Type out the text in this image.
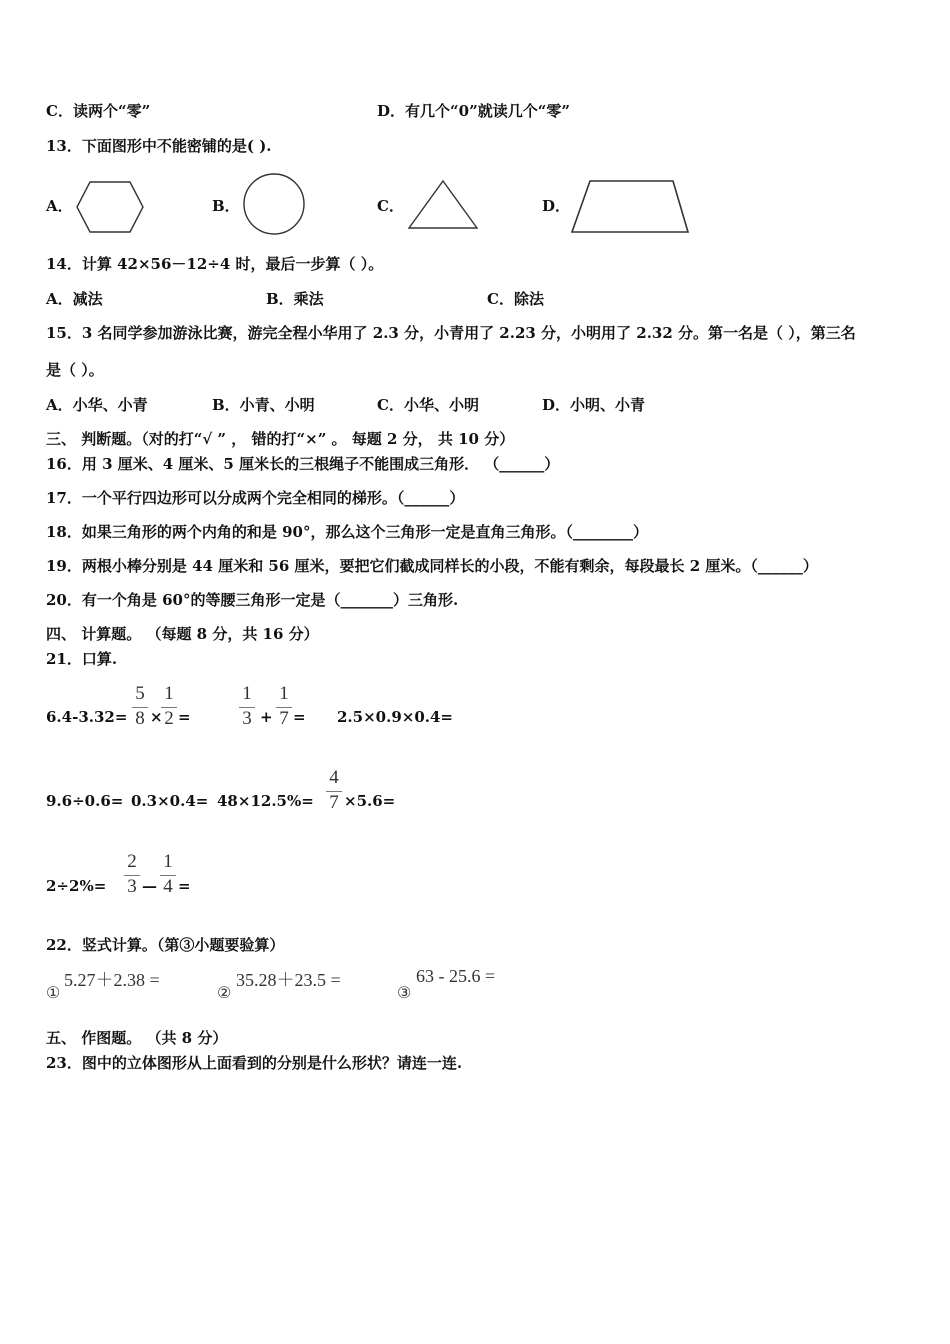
C．读两个“零”	D．有几个“0”就读几个“零”
13．下面图形中不能密铺的是( ).
A．	B．	C．	D．
14．计算 42×56－12÷4 时，最后一步算（ ）。
A．减法	B．乘法	C．除法
15．3 名同学参加游泳比赛，游完全程小华用了 2.3 分，小青用了 2.23 分，小明用了 2.32 分。第一名是（ ），第三名
是（ ）。
A．小华、小青	B．小青、小明	C．小华、小明	D．小明、小青
三、 判断题。（对的打“√ ” ， 错的打“×” 。 每题 2 分， 共 10 分）
16．用 3 厘米、4 厘米、5 厘米长的三根绳子不能围成三角形． （______）
17．一个平行四边形可以分成两个完全相同的梯形。（______）
18．如果三角形的两个内角的和是 90°，那么这个三角形一定是直角三角形。（________）
19．两根小棒分别是 44 厘米和 56 厘米，要把它们截成同样长的小段，不能有剩余，每段最长 2 厘米。（______）
20．有一个角是 60°的等腰三角形一定是（_______）三角形.
四、 计算题。 （每题 8 分，共 16 分）
21．口算.
6.4-3.32=
5
8 ×
1
2 =
1
3 +
1
7 = 2.5×0.9×0.4=
9.6÷0.6= 0.3×0.4= 48×12.5%=
4
7 ×5.6=
2÷2%=
2
3 —
1
4 =
22．竖式计算。（第③小题要验算）
①
5.27＋2.38 =
②
35.28＋23.5 =
③
63 - 25.6 =
五、 作图题。 （共 8 分）
23．图中的立体图形从上面看到的分别是什么形状？请连一连.
